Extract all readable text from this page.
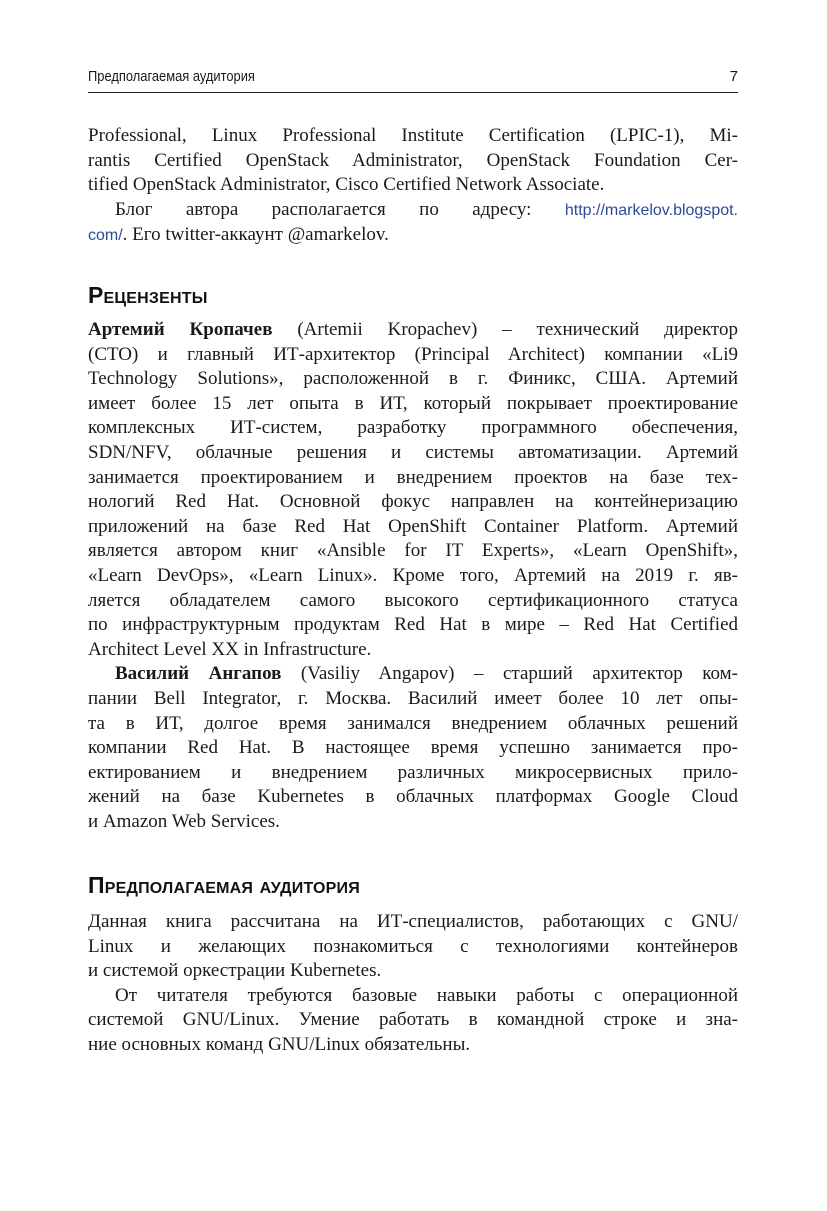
Предполагаемая аудитория	7
Professional, Linux Professional Institute Certification (LPIC-1), Mi-
rantis Certified OpenStack Administrator, OpenStack Foundation Cer-
tified OpenStack Administrator, Cisco Certified Network Associate.
Блог автора располагается по адресу: http://markelov.blogspot.
com/. Его twitter-аккаунт @amarkelov.
Рецензенты
Артемий Кропачев (Artemii Kropachev) – технический директор
(CTO) и главный ИТ-архитектор (Principal Architect) компании «Li9
Technology Solutions», расположенной в г. Финикс, США. Артемий
имеет более 15 лет опыта в ИТ, который покрывает проектирование
комплексных ИТ-систем, разработку программного обеспечения,
SDN/NFV, облачные решения и системы автоматизации. Артемий
занимается проектированием и внедрением проектов на базе тех-
нологий Red Hat. Основной фокус направлен на контейнеризацию
приложений на базе Red Hat OpenShift Container Platform. Артемий
является автором книг «Ansible for IT Experts», «Learn OpenShift»,
«Learn DevOps», «Learn Linux». Кроме того, Артемий на 2019 г. яв-
ляется обладателем самого высокого сертификационного статуса
по инфраструктурным продуктам Red Hat в мире – Red Hat Certified
Architect Level XX in Infrastructure.
Василий Ангапов (Vasiliy Angapov) – старший архитектор ком-
пании Bell Integrator, г. Москва. Василий имеет более 10 лет опы-
та в ИТ, долгое время занимался внедрением облачных решений
компании Red Hat. В настоящее время успешно занимается про-
ектированием и внедрением различных микросервисных прило-
жений на базе Kubernetes в облачных платформах Google Cloud
и Amazon Web Services.
Предполагаемая аудитория
Данная книга рассчитана на ИТ-специалистов, работающих с GNU/
Linux и желающих познакомиться с технологиями контейнеров
и системой оркестрации Kubernetes.
От читателя требуются базовые навыки работы с операционной
системой GNU/Linux. Умение работать в командной строке и зна-
ние основных команд GNU/Linux обязательны.
